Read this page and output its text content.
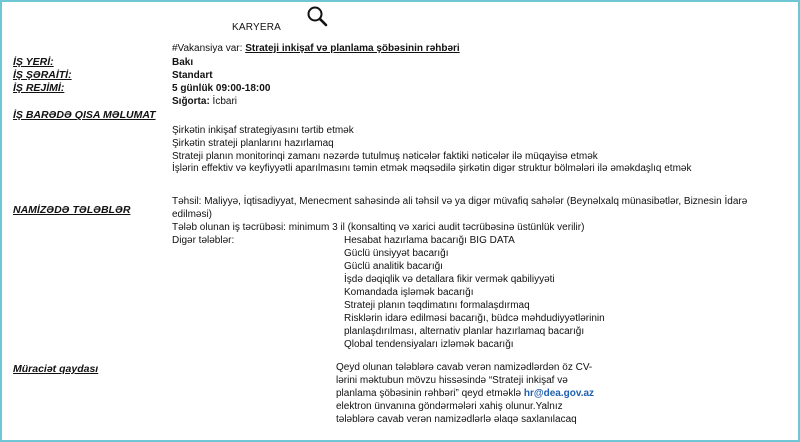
KARYERA
#Vakansiya var: Strateji inkişaf və planlama şöbəsinin rəhbəri
İŞ YERİ:	Bakı
İŞ ŞƏRAİTİ:	Standart
İŞ REJİMİ:	5 günlük 09:00-18:00
Sığorta: İcbari
İŞ BARƏDƏ QISA MƏLUMAT
Şirkətin inkişaf strategiyasını tərtib etmək
Şirkətin strateji planlarını hazırlamaq
Strateji planın monitorinqi zamanı nəzərdə tutulmuş nəticələr faktiki nəticələr ilə müqayisə etmək
İşlərin effektiv və keyfiyyətli aparılmasını təmin etmək məqsədilə şirkətin digər struktur bölmələri ilə əməkdaşlıq etmək
NAMİZƏDƏ TƏLƏBLƏR
Təhsil: Maliyyə, İqtisadiyyat, Menecment sahəsində ali təhsil və ya digər müvafiq sahələr (Beynəlxalq münasibətlər, Biznesin İdarə
edilməsi)
Tələb olunan iş təcrübəsi: minimum 3 il (konsaltinq və xarici audit təcrübəsinə üstünlük verilir)
Digər tələblər:	Hesabat hazırlama bacarığı BIG DATA
Güclü ünsiyyət bacarığı
Güclü analitik bacarığı
İşdə dəqiqlik və detallara fikir vermək qabiliyyəti
Komandada işləmək bacarığı
Strateji planın təqdimatını formalaşdırmaq
Risklərin idarə edilməsi bacarığı, büdcə məhdudiyyətlərinin
planlaşdırılması, alternativ planlar hazırlamaq bacarığı
Qlobal tendensiyaları izləmək bacarığı
Müraciət qaydası	Qeyd olunan tələblərə cavab verən namizədlərdən öz CV-
lərini məktubun mövzu hissəsində “Strateji inkişaf və
planlama şöbəsinin rəhbəri” qeyd etməklə hr@dea.gov.az
elektron ünvanına göndərmələri xahiş olunur.Yalnız
tələblərə cavab verən namizədlərlə əlaqə saxlanılacaq
